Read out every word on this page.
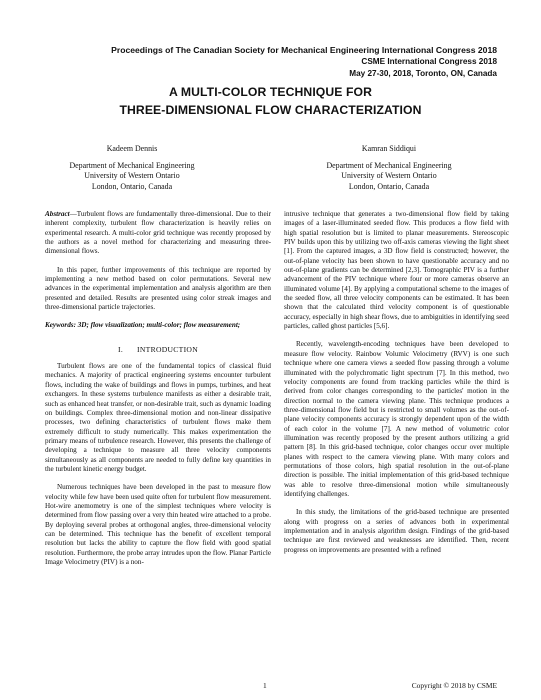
Proceedings of The Canadian Society for Mechanical Engineering International Congress 2018
CSME International Congress 2018
May 27-30, 2018, Toronto, ON, Canada
A MULTI-COLOR TECHNIQUE FOR
THREE-DIMENSIONAL FLOW CHARACTERIZATION
Kadeem Dennis
Department of Mechanical Engineering
University of Western Ontario
London, Ontario, Canada
Kamran Siddiqui
Department of Mechanical Engineering
University of Western Ontario
London, Ontario, Canada

Abstract—Turbulent flows are fundamentally three-dimensional. Due to their inherent complexity, turbulent flow characterization is heavily relies on experimental research. A multi-color grid technique was recently proposed by the authors as a novel method for characterizing and measuring three-dimensional flows.

In this paper, further improvements of this technique are reported by implementing a new method based on color permutations. Several new advances in the experimental implementation and analysis algorithm are then presented and detailed. Results are presented using color streak images and three-dimensional particle trajectories.

Keywords: 3D; flow visualization; multi-color; flow measurement;

I. INTRODUCTION

Turbulent flows are one of the fundamental topics of classical fluid mechanics. A majority of practical engineering systems encounter turbulent flows, including the wake of buildings and flows in pumps, turbines, and heat exchangers. In these systems turbulence manifests as either a desirable trait, such as enhanced heat transfer, or non-desirable trait, such as dynamic loading on buildings. Complex three-dimensional motion and non-linear dissipative processes, two defining characteristics of turbulent flows make them extremely difficult to study numerically. This makes experimentation the primary means of turbulence research. However, this presents the challenge of developing a technique to measure all three velocity components simultaneously as all components are needed to fully define key quantities in the turbulent kinetic energy budget.

Numerous techniques have been developed in the past to measure flow velocity while few have been used quite often for turbulent flow measurement. Hot-wire anemometry is one of the simplest techniques where velocity is determined from flow passing over a very thin heated wire attached to a probe. By deploying several probes at orthogonal angles, three-dimensional velocity can be determined. This technique has the benefit of excellent temporal resolution but lacks the ability to capture the flow field with good spatial resolution. Furthermore, the probe array intrudes upon the flow. Planar Particle Image Velocimetry (PIV) is a non-

intrusive technique that generates a two-dimensional flow field by taking images of a laser-illuminated seeded flow. This produces a flow field with high spatial resolution but is limited to planar measurements. Stereoscopic PIV builds upon this by utilizing two off-axis cameras viewing the light sheet [1]. From the captured images, a 3D flow field is constructed; however, the out-of-plane velocity has been shown to have questionable accuracy and no out-of-plane gradients can be determined [2,3]. Tomographic PIV is a further advancement of the PIV technique where four or more cameras observe an illuminated volume [4]. By applying a computational scheme to the images of the seeded flow, all three velocity components can be estimated. It has been shown that the calculated third velocity component is of questionable accuracy, especially in high shear flows, due to ambiguities in identifying seed particles, called ghost particles [5,6].

Recently, wavelength-encoding techniques have been developed to measure flow velocity. Rainbow Volumic Velocimetry (RVV) is one such technique where one camera views a seeded flow passing through a volume illuminated with the polychromatic light spectrum [7]. In this method, two velocity components are found from tracking particles while the third is derived from color changes corresponding to the particles' motion in the direction normal to the camera viewing plane. This technique produces a three-dimensional flow field but is restricted to small volumes as the out-of-plane velocity components accuracy is strongly dependent upon of the width of each color in the volume [7]. A new method of volumetric color illumination was recently proposed by the present authors utilizing a grid pattern [8]. In this grid-based technique, color changes occur over multiple planes with respect to the camera viewing plane. With many colors and permutations of those colors, high spatial resolution in the out-of-plane direction is possible. The initial implementation of this grid-based technique was able to resolve three-dimensional motion while simultaneously identifying challenges.

In this study, the limitations of the grid-based technique are presented along with progress on a series of advances both in experimental implementation and in analysis algorithm design. Findings of the grid-based technique are first reviewed and weaknesses are identified. Then, recent progress on improvements are presented with a refined

1	Copyright © 2018 by CSME
